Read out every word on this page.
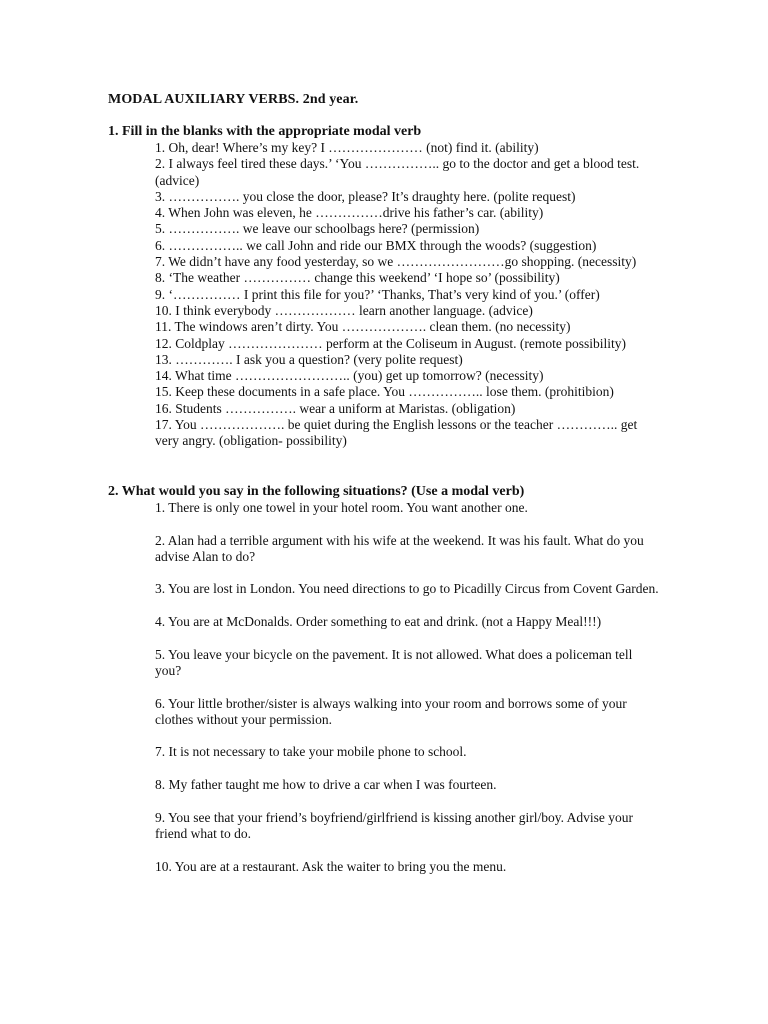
MODAL AUXILIARY VERBS. 2nd year.
1. Fill in the blanks with the appropriate modal verb
1. Oh, dear! Where’s my key? I ………………… (not) find it. (ability)
2. I always feel tired these days.’ ‘You …………….. go to the doctor and get a blood test. (advice)
3. ……………. you close the door, please? It’s draughty here. (polite request)
4. When John was eleven, he ……………drive his father’s car. (ability)
5. ……………. we leave our schoolbags here? (permission)
6. …………….. we call John and ride our BMX through the woods? (suggestion)
7. We didn’t have any food yesterday, so we ……………………go shopping. (necessity)
8. ‘The weather …………… change this weekend’ ‘I hope so’ (possibility)
9. ‘…………… I print this file for you?’ ‘Thanks, That’s very kind of you.’ (offer)
10. I think everybody ……………… learn another language. (advice)
11. The windows aren’t dirty. You ………………. clean them. (no necessity)
12. Coldplay ………………… perform at the Coliseum in August. (remote possibility)
13. …………. I ask you a question? (very polite request)
14. What time …………………….. (you) get up tomorrow? (necessity)
15. Keep these documents in a safe place. You …………….. lose them. (prohitibion)
16. Students ……………. wear a uniform at Maristas. (obligation)
17. You ………………. be quiet during the English lessons or the teacher ………….. get very angry. (obligation- possibility)
2. What would you say in the following situations? (Use a modal verb)
1. There is only one towel in your hotel room. You want another one.
2. Alan had a terrible argument with his wife at the weekend. It was his fault. What do you advise Alan to do?
3. You are lost in London. You need directions to go to Picadilly Circus from Covent Garden.
4. You are at McDonalds. Order something to eat and drink. (not a Happy Meal!!!)
5. You leave your bicycle on the pavement. It is not allowed. What does a policeman tell you?
6. Your little brother/sister is always walking into your room and borrows some of your clothes without your permission.
7. It is not necessary to take your mobile phone to school.
8. My father taught me how to drive a car when I was fourteen.
9. You see that your friend’s boyfriend/girlfriend is kissing another girl/boy. Advise your friend what to do.
10. You are at a restaurant. Ask the waiter to bring you the menu.
